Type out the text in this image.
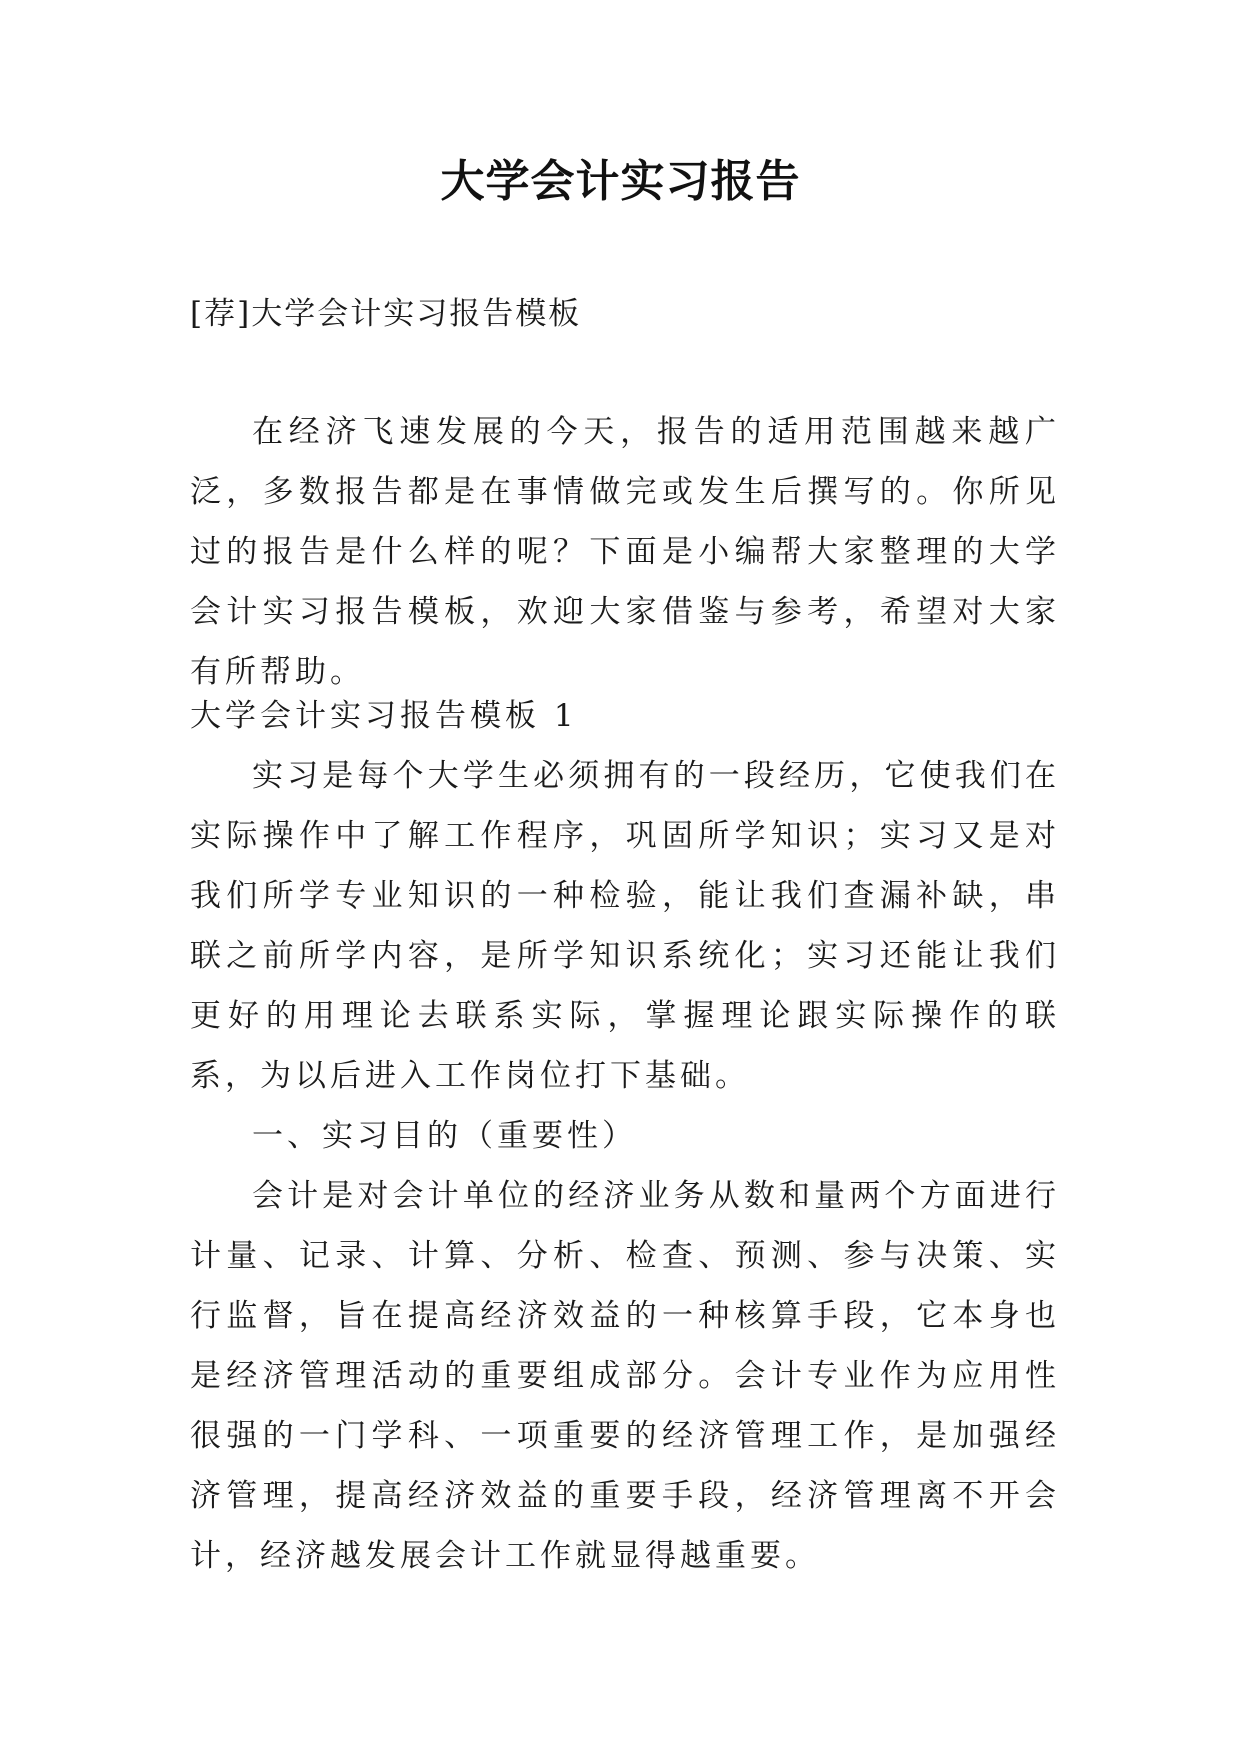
大学会计实习报告
[荐]大学会计实习报告模板

在经济飞速发展的今天，报告的适用范围越来越广泛，多数报告都是在事情做完或发生后撰写的。你所见过的报告是什么样的呢？下面是小编帮大家整理的大学会计实习报告模板，欢迎大家借鉴与参考，希望对大家有所帮助。

大学会计实习报告模板 1

实习是每个大学生必须拥有的一段经历，它使我们在实际操作中了解工作程序，巩固所学知识；实习又是对我们所学专业知识的一种检验，能让我们查漏补缺，串联之前所学内容，是所学知识系统化；实习还能让我们更好的用理论去联系实际，掌握理论跟实际操作的联系，为以后进入工作岗位打下基础。

一、实习目的（重要性）

会计是对会计单位的经济业务从数和量两个方面进行计量、记录、计算、分析、检查、预测、参与决策、实行监督，旨在提高经济效益的一种核算手段，它本身也是经济管理活动的重要组成部分。会计专业作为应用性很强的一门学科、一项重要的经济管理工作，是加强经济管理，提高经济效益的重要手段，经济管理离不开会计，经济越发展会计工作就显得越重要。
